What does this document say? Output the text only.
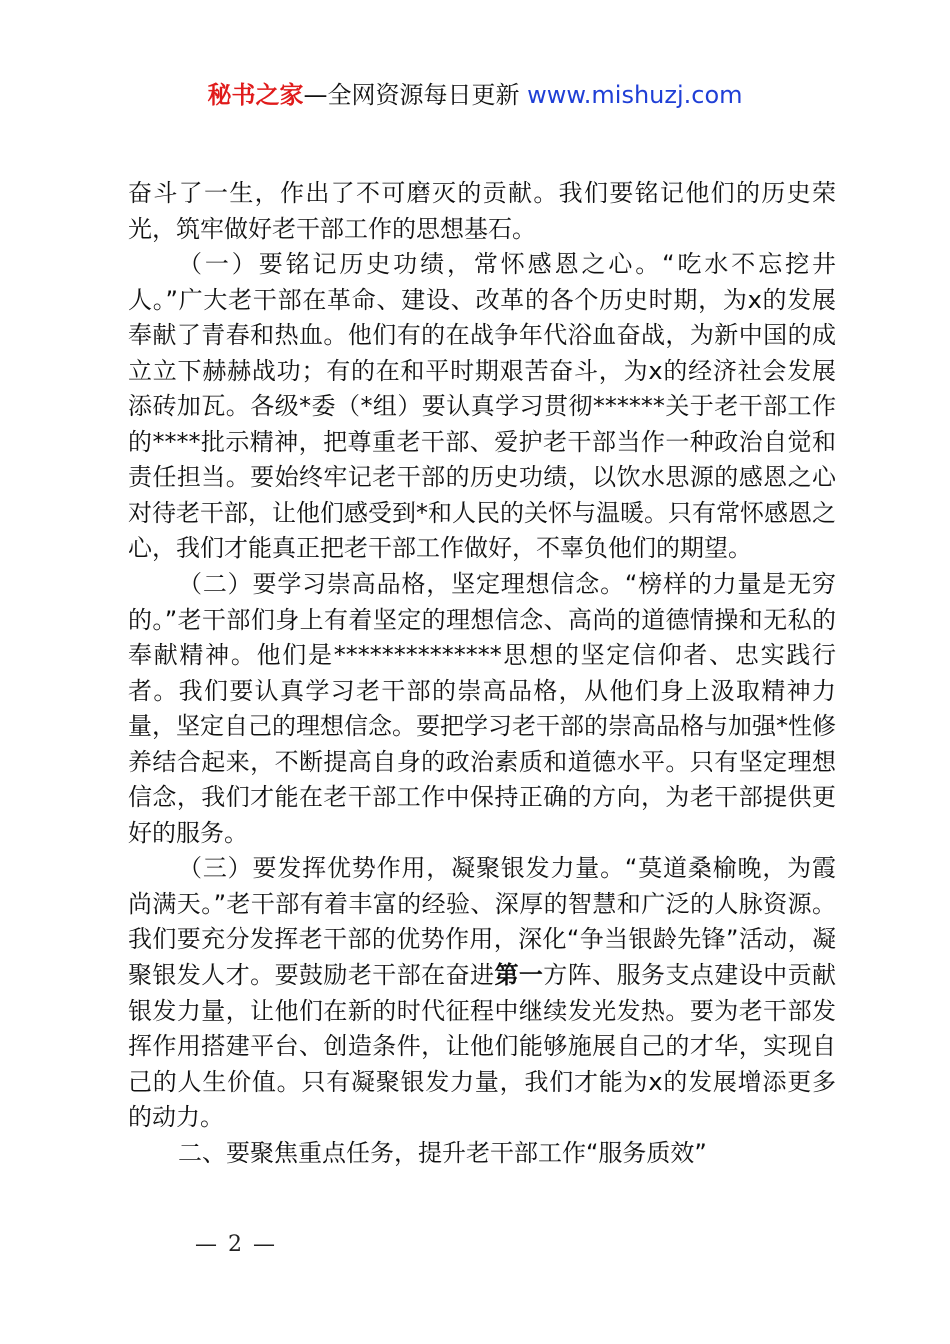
秘书之家—全网资源每日更新 www.mishuzj.com

奋斗了一生，作出了不可磨灭的贡献。我们要铭记他们的历史荣光，筑牢做好老干部工作的思想基石。

（一）要铭记历史功绩，常怀感恩之心。“吃水不忘挖井人。”广大老干部在革命、建设、改革的各个历史时期，为x的发展奉献了青春和热血。他们有的在战争年代浴血奋战，为新中国的成立立下赫赫战功；有的在和平时期艰苦奋斗，为x的经济社会发展添砖加瓦。各级*委（*组）要认真学习贯彻******关于老干部工作的****批示精神，把尊重老干部、爱护老干部当作一种政治自觉和责任担当。要始终牢记老干部的历史功绩，以饮水思源的感恩之心对待老干部，让他们感受到*和人民的关怀与温暖。只有常怀感恩之心，我们才能真正把老干部工作做好，不辜负他们的期望。

（二）要学习崇高品格，坚定理想信念。“榜样的力量是无穷的。”老干部们身上有着坚定的理想信念、高尚的道德情操和无私的奉献精神。他们是**************思想的坚定信仰者、忠实践行者。我们要认真学习老干部的崇高品格，从他们身上汲取精神力量，坚定自己的理想信念。要把学习老干部的崇高品格与加强*性修养结合起来，不断提高自身的政治素质和道德水平。只有坚定理想信念，我们才能在老干部工作中保持正确的方向，为老干部提供更好的服务。

（三）要发挥优势作用，凝聚银发力量。“莫道桑榆晚，为霞尚满天。”老干部有着丰富的经验、深厚的智慧和广泛的人脉资源。我们要充分发挥老干部的优势作用，深化“争当银龄先锋”活动，凝聚银发人才。要鼓励老干部在奋进第一方阵、服务支点建设中贡献银发力量，让他们在新的时代征程中继续发光发热。要为老干部发挥作用搭建平台、创造条件，让他们能够施展自己的才华，实现自己的人生价值。只有凝聚银发力量，我们才能为x的发展增添更多的动力。

二、要聚焦重点任务，提升老干部工作“服务质效”

— 2 —
